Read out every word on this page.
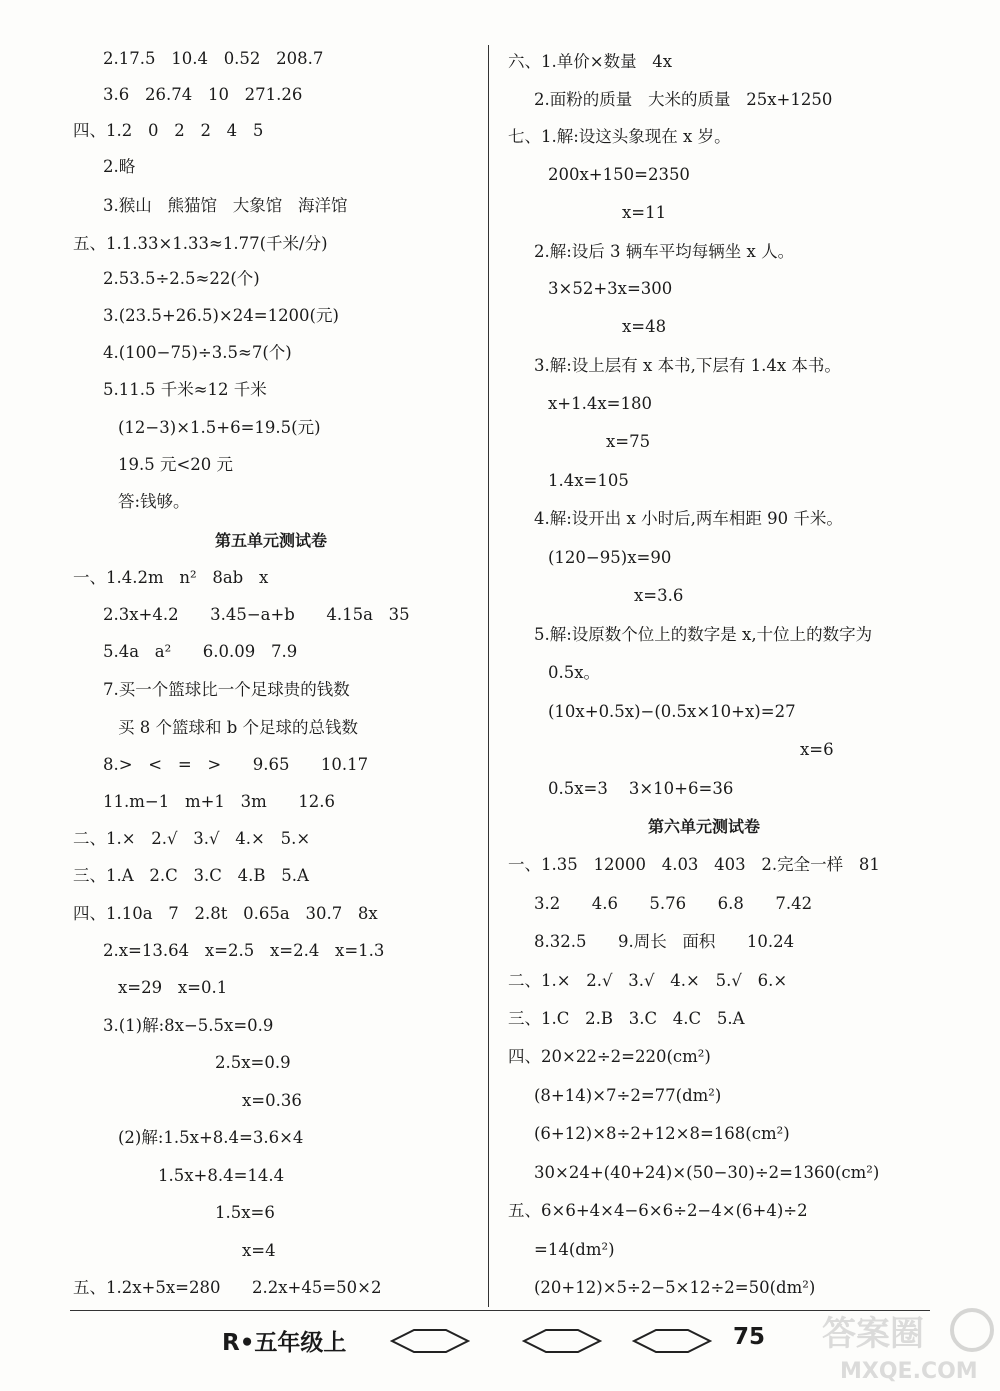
2.17.5   10.4   0.52   208.7
3.6   26.74   10   271.26
四、1.2   0   2   2   4   5
2.略
3.猴山   熊猫馆   大象馆   海洋馆
五、1.1.33×1.33≈1.77(千米/分)
2.53.5÷2.5≈22(个)
3.(23.5+26.5)×24=1200(元)
4.(100−75)÷3.5≈7(个)
5.11.5 千米≈12 千米
(12−3)×1.5+6=19.5(元)
19.5 元<20 元
答:钱够。
第五单元测试卷
一、1.4.2m   n²   8ab   x
2.3x+4.2      3.45−a+b      4.15a   35
5.4a   a²      6.0.09   7.9
7.买一个篮球比一个足球贵的钱数
买 8 个篮球和 b 个足球的总钱数
8.>   <   =   >      9.65      10.17
11.m−1   m+1   3m      12.6
二、1.×   2.√   3.√   4.×   5.×
三、1.A   2.C   3.C   4.B   5.A
四、1.10a   7   2.8t   0.65a   30.7   8x
2.x=13.64   x=2.5   x=2.4   x=1.3
x=29   x=0.1
3.(1)解:8x−5.5x=0.9
2.5x=0.9
x=0.36
(2)解:1.5x+8.4=3.6×4
1.5x+8.4=14.4
1.5x=6
x=4
五、1.2x+5x=280      2.2x+45=50×2
六、1.单价×数量   4x
2.面粉的质量   大米的质量   25x+1250
七、1.解:设这头象现在 x 岁。
200x+150=2350
x=11
2.解:设后 3 辆车平均每辆坐 x 人。
3×52+3x=300
x=48
3.解:设上层有 x 本书,下层有 1.4x 本书。
x+1.4x=180
x=75
1.4x=105
4.解:设开出 x 小时后,两车相距 90 千米。
(120−95)x=90
x=3.6
5.解:设原数个位上的数字是 x,十位上的数字为
0.5x。
(10x+0.5x)−(0.5x×10+x)=27
x=6
0.5x=3    3×10+6=36
第六单元测试卷
一、1.35   12000   4.03   403   2.完全一样   81
3.2      4.6      5.76      6.8      7.42
8.32.5      9.周长   面积      10.24
二、1.×   2.√   3.√   4.×   5.√   6.×
三、1.C   2.B   3.C   4.C   5.A
四、20×22÷2=220(cm²)
(8+14)×7÷2=77(dm²)
(6+12)×8÷2+12×8=168(cm²)
30×24+(40+24)×(50−30)÷2=1360(cm²)
五、6×6+4×4−6×6÷2−4×(6+4)÷2
=14(dm²)
(20+12)×5÷2−5×12÷2=50(dm²)
R•五年级上	75 答案圈
MXQE.COM
